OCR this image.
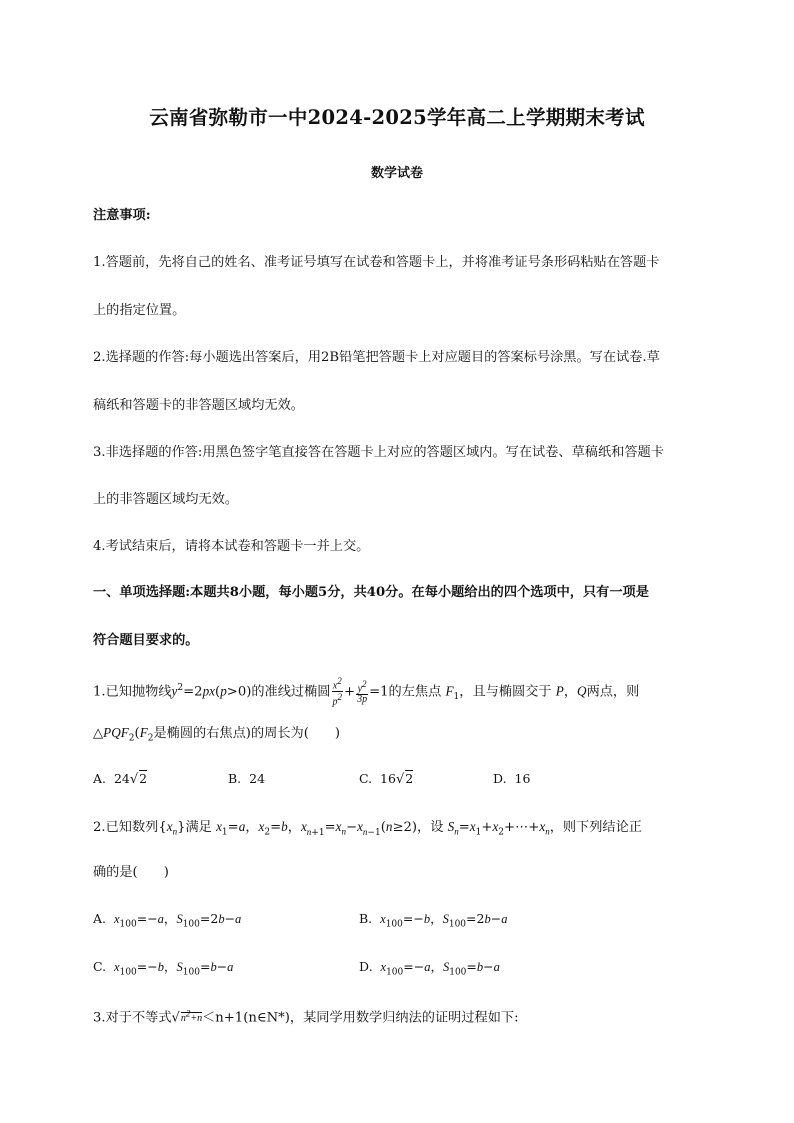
云南省弥勒市一中2024-2025学年高二上学期期末考试
数学试卷
注意事项:
1.答题前，先将自己的姓名、准考证号填写在试卷和答题卡上，并将准考证号条形码粘贴在答题卡
上的指定位置。
2.选择题的作答:每小题选出答案后，用2B铅笔把答题卡上对应题目的答案标号涂黑。写在试卷.草
稿纸和答题卡的非答题区域均无效。
3.非选择题的作答:用黑色签字笔直接答在答题卡上对应的答题区域内。写在试卷、草稿纸和答题卡
上的非答题区域均无效。
4.考试结束后，请将本试卷和答题卡一并上交。
一、单项选择题:本题共8小题，每小题5分，共40分。在每小题给出的四个选项中，只有一项是
符合题目要求的。
1.已知抛物线$y^2=2px(p>0)$的准线过椭圆 $\frac{x^2}{p^2} + \frac{y^2}{3p} =1$的左焦点 $F_1$，且与椭圆交于 P，Q两点，则
$\triangle PQF_2(F_2$是椭圆的右焦点)的周长为( )
A. 24√2	B. 24	C. 16√2	D. 16
2.已知数列$\{x_n\}$满足 $x_1=a$，$x_2=b$，$x_{n+1}=x_n-x_{n-1}(n\ge 2)$，设 $S_n=x_1+x_2+\cdots+x_n$，则下列结论正
确的是( )
A. $x_{100}=-a$，$S_{100}=2b-a$	B. $x_{100}=-b$，$S_{100}=2b-a$
C. $x_{100}=-b$，$S_{100}=b-a$	D. $x_{100}=-a$，$S_{100}=b-a$
3.对于不等式$√n^2+n<n+1(n\in N*)$，某同学用数学归纳法的证明过程如下:
